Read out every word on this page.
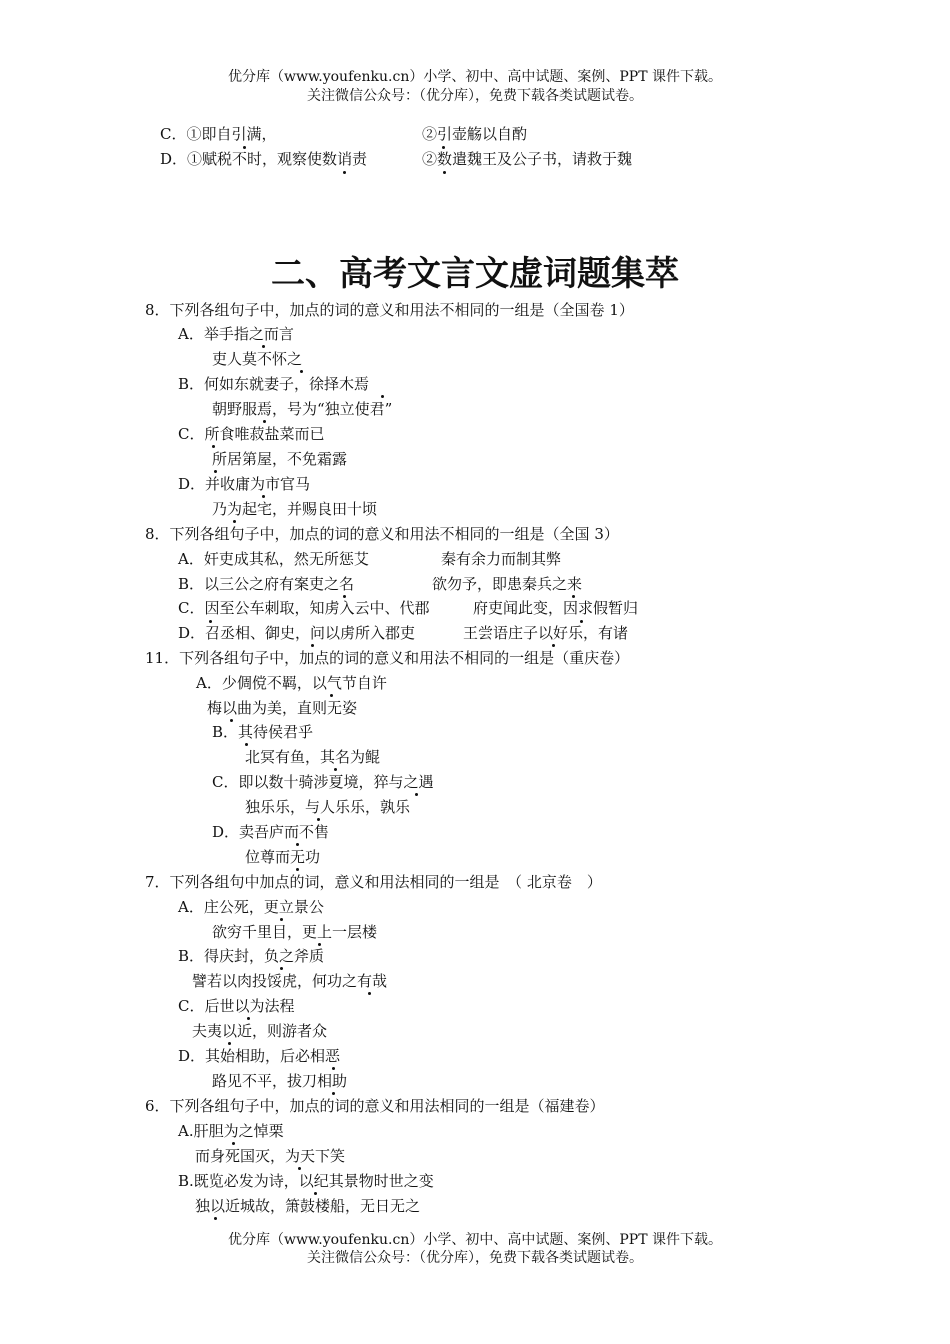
优分库（www.youfenku.cn）小学、初中、高中试题、案例、PPT 课件下载。
关注微信公众号：（优分库），免费下载各类试题试卷。
C．①即自引满，	②引壶觞以自酌
D．①赋税不时，观察使数诮责	②数遣魏王及公子书，请救于魏
二、高考文言文虚词题集萃
8．下列各组句子中，加点的词的意义和用法不相同的一组是（全国卷 1）
A．举手指之而言
吏人莫不怀之
B．何如东就妻子，徐择木焉
朝野服焉，号为“独立使君”
C．所食唯菽盐菜而已
所居第屋，不免霜露
D．并收庸为市官马
乃为起宅，并赐良田十顷
8．下列各组句子中，加点的词的意义和用法不相同的一组是（全国 3）
A．奸吏成其私，然无所惩艾	秦有余力而制其弊
B．以三公之府有案吏之名	欲勿予，即患秦兵之来
C．因至公车刺取，知虏入云中、代郡	府吏闻此变，因求假暂归
D．召丞相、御史，问以虏所入郡吏	王尝语庄子以好乐，有诸
11．下列各组句子中，加点的词的意义和用法不相同的一组是（重庆卷）
A．少倜傥不羁，以气节自许
梅以曲为美，直则无姿
B．其待侯君乎
北冥有鱼，其名为鲲
C．即以数十骑涉夏境，猝与之遇
独乐乐，与人乐乐，孰乐
D．卖吾庐而不售
位尊而无功
7．下列各组句中加点的词，意义和用法相同的一组是　（ 北京卷　）
A．庄公死，更立景公
欲穷千里目，更上一层楼
B．得庆封，负之斧质
譬若以肉投馁虎，何功之有哉
C．后世以为法程
夫夷以近，则游者众
D．其始相助，后必相恶
路见不平，拔刀相助
6．下列各组句子中，加点的词的意义和用法相同的一组是（福建卷）
A.肝胆为之悼栗
而身死国灭，为天下笑
B.既览必发为诗，以纪其景物时世之变
独以近城故，箫鼓楼船，无日无之
优分库（www.youfenku.cn）小学、初中、高中试题、案例、PPT 课件下载。
关注微信公众号：（优分库），免费下载各类试题试卷。
